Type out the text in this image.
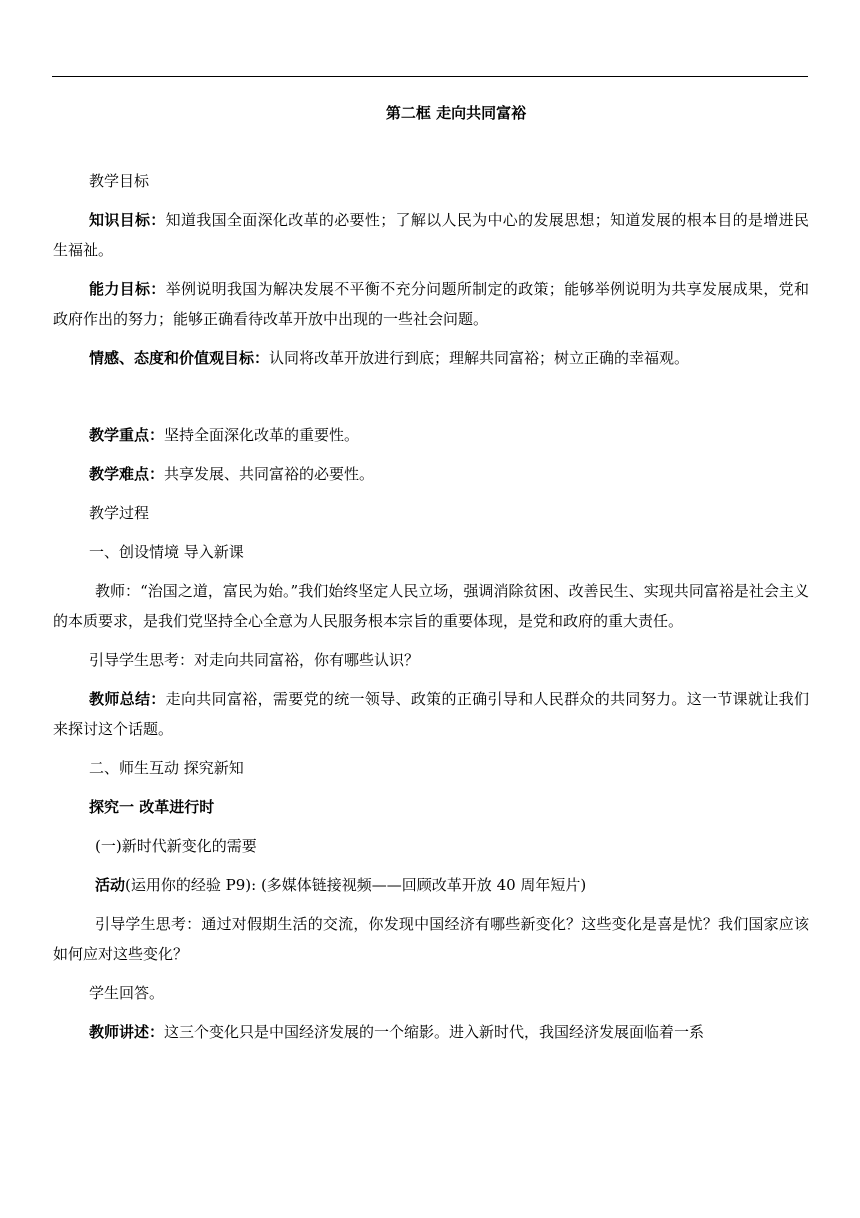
第二框 走向共同富裕
教学目标
知识目标：知道我国全面深化改革的必要性；了解以人民为中心的发展思想；知道发展的根本目的是增进民生福祉。
能力目标：举例说明我国为解决发展不平衡不充分问题所制定的政策；能够举例说明为共享发展成果，党和政府作出的努力；能够正确看待改革开放中出现的一些社会问题。
情感、态度和价值观目标：认同将改革开放进行到底；理解共同富裕；树立正确的幸福观。
教学重点：坚持全面深化改革的重要性。
教学难点：共享发展、共同富裕的必要性。
教学过程
一、创设情境 导入新课
教师：“治国之道，富民为始。”我们始终坚定人民立场，强调消除贫困、改善民生、实现共同富裕是社会主义的本质要求，是我们党坚持全心全意为人民服务根本宗旨的重要体现，是党和政府的重大责任。
引导学生思考：对走向共同富裕，你有哪些认识？
教师总结：走向共同富裕，需要党的统一领导、政策的正确引导和人民群众的共同努力。这一节课就让我们来探讨这个话题。
二、师生互动 探究新知
探究一 改革进行时
(一)新时代新变化的需要
活动(运用你的经验 P9): (多媒体链接视频——回顾改革开放 40 周年短片)
引导学生思考：通过对假期生活的交流，你发现中国经济有哪些新变化？这些变化是喜是忧？我们国家应该如何应对这些变化？
学生回答。
教师讲述：这三个变化只是中国经济发展的一个缩影。进入新时代，我国经济发展面临着一系
